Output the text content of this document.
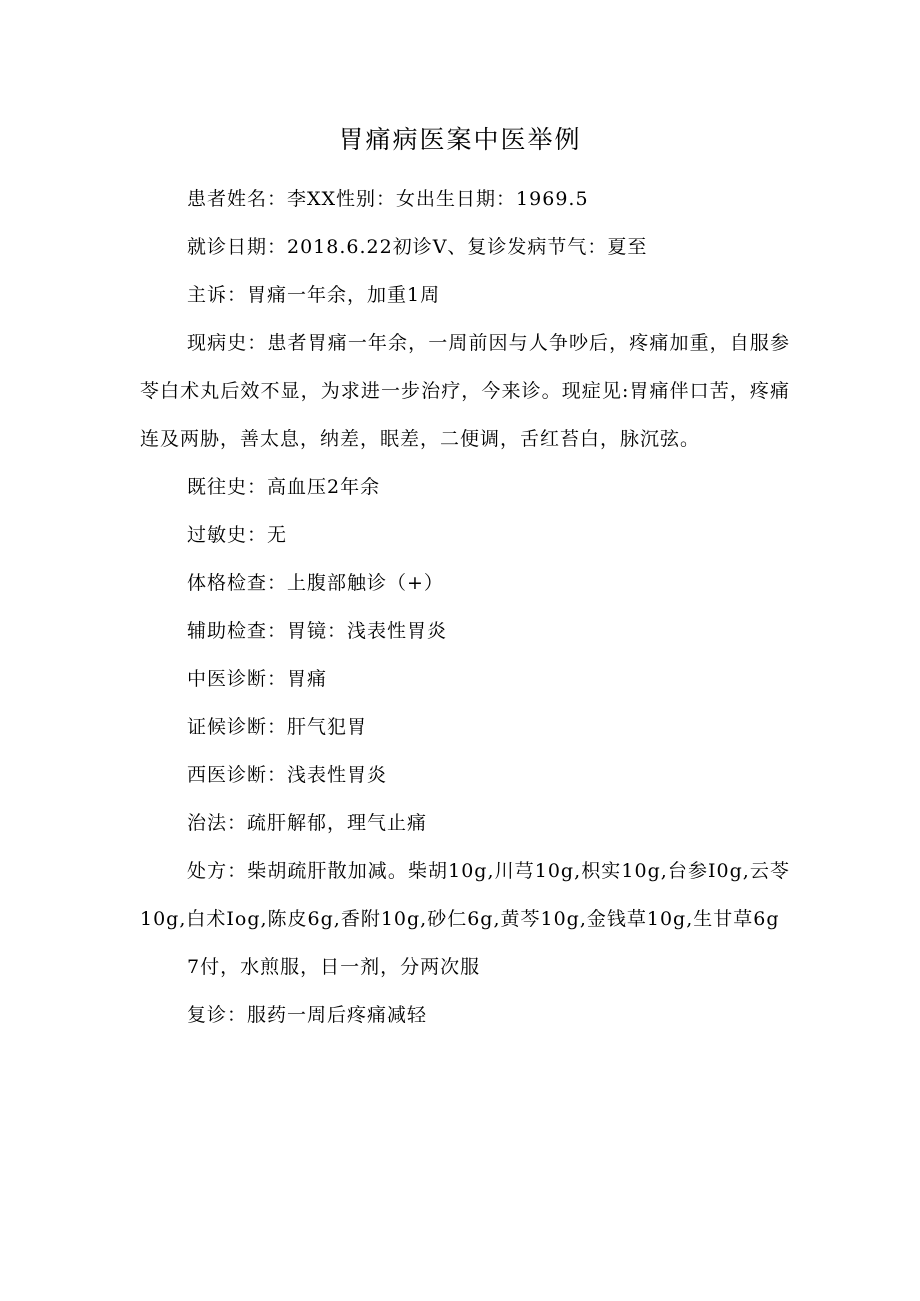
胃痛病医案中医举例

患者姓名：李XX性别：女出生日期：1969.5

就诊日期：2018.6.22初诊V、复诊发病节气：夏至

主诉：胃痛一年余，加重1周

现病史：患者胃痛一年余，一周前因与人争吵后，疼痛加重，自服参苓白术丸后效不显，为求进一步治疗，今来诊。现症见:胃痛伴口苦，疼痛连及两胁，善太息，纳差，眠差，二便调，舌红苔白，脉沉弦。

既往史：高血压2年余

过敏史：无

体格检查：上腹部触诊（+）

辅助检查：胃镜：浅表性胃炎

中医诊断：胃痛

证候诊断：肝气犯胃

西医诊断：浅表性胃炎

治法：疏肝解郁，理气止痛

处方：柴胡疏肝散加减。柴胡10g,川芎10g,枳实10g,台参I0g,云苓10g,白术Iog,陈皮6g,香附10g,砂仁6g,黄芩10g,金钱草10g,生甘草6g

7付，水煎服，日一剂，分两次服

复诊：服药一周后疼痛减轻
